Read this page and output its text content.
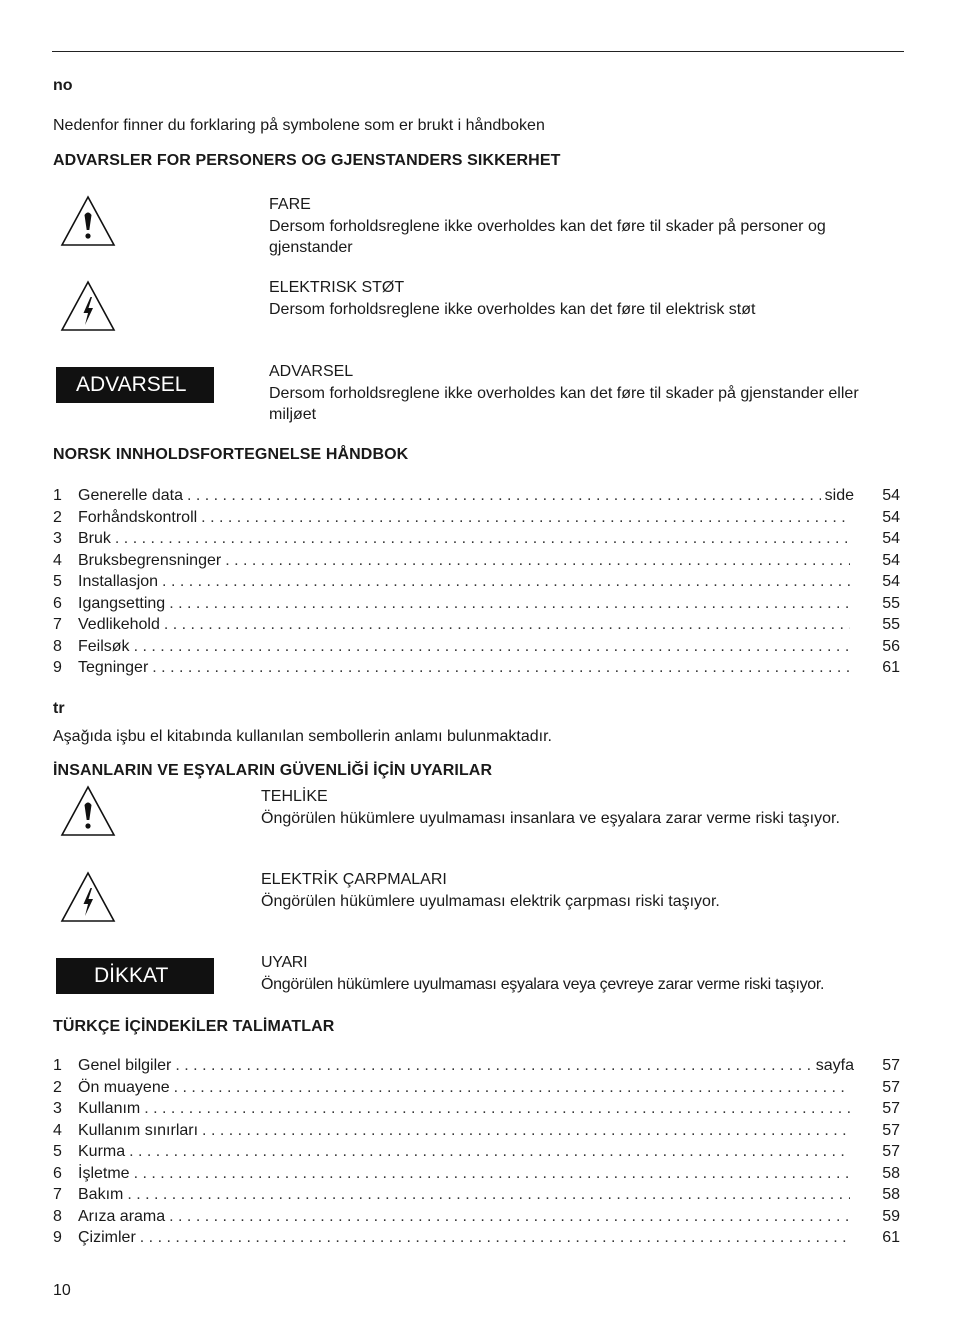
no
Nedenfor finner du forklaring på symbolene som er brukt i håndboken
ADVARSLER FOR PERSONERS OG GJENSTANDERS SIKKERHET
FARE
Dersom forholdsreglene ikke overholdes kan det føre til skader på personer og gjenstander
ELEKTRISK STØT
Dersom forholdsreglene ikke overholdes kan det føre til elektrisk støt
ADVARSEL
ADVARSEL
Dersom forholdsreglene ikke overholdes kan det føre til skader på gjenstander eller miljøet
NORSK INNHOLDSFORTEGNELSE HÅNDBOK
1	Generelle data . . .	side	54
2	Forhåndskontroll . . .	54
3	Bruk . . .	54
4	Bruksbegrensninger . . .	54
5	Installasjon . . .	54
6	Igangsetting . . .	55
7	Vedlikehold . . .	55
8	Feilsøk . . .	56
9	Tegninger . . .	61
tr
Aşağıda işbu el kitabında kullanılan sembollerin anlamı bulunmaktadır.
İNSANLARIN VE EŞYALARIN GÜVENLİĞİ İÇİN UYARILAR
TEHLİKE
Öngörülen hükümlere uyulmaması insanlara ve eşyalara zarar verme riski taşıyor.
ELEKTRİK ÇARPMALARI
Öngörülen hükümlere uyulmaması elektrik çarpması riski taşıyor.
DİKKAT
UYARI
Öngörülen hükümlere uyulmaması eşyalara veya çevreye zarar verme riski taşıyor.
TÜRKÇE İÇİNDEKİLER TALİMATLAR
1	Genel bilgiler . . .	sayfa	57
2	Ön muayene . . .	57
3	Kullanım . . .	57
4	Kullanım sınırları . . .	57
5	Kurma . . .	57
6	İşletme . . .	58
7	Bakım . . .	58
8	Arıza arama . . .	59
9	Çizimler . . .	61
10
